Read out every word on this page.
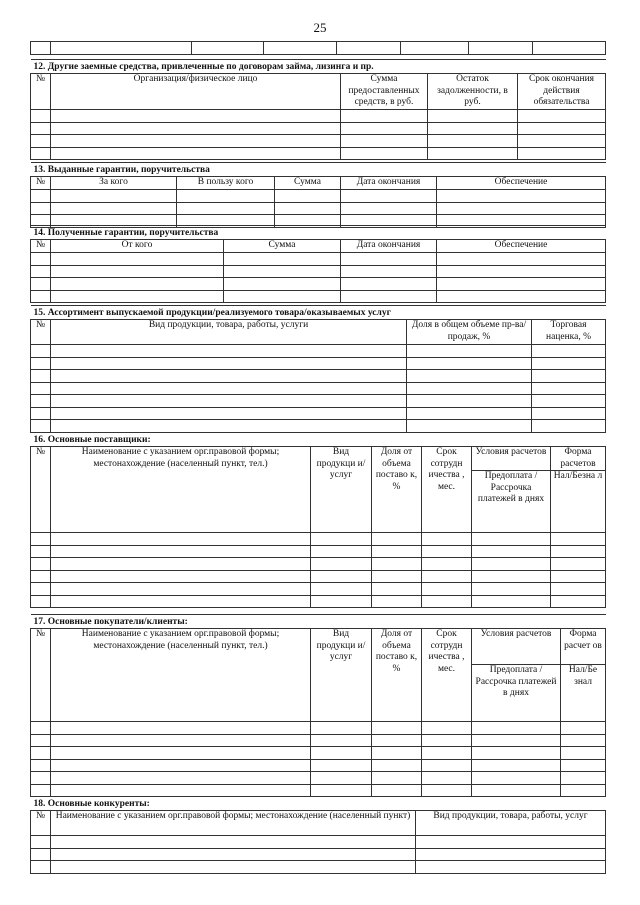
25

12. Другие заемные средства, привлеченные по договорам займа, лизинга и пр.				
№	Организация/физическое лицо	Сумма предоставленных средств, в руб.	Остаток задолженности, в руб.	Срок окончания действия обязательства

13. Выданные гарантии, поручительства					
№	За кого	В пользу кого	Сумма	Дата окончания	Обеспечение

14. Полученные гарантии, поручительства				
№	От кого	Сумма	Дата окончания	Обеспечение

15. Ассортимент выпускаемой продукции/реализуемого товара/оказываемых услуг			
№	Вид продукции, товара, работы, услуги	Доля в общем объеме пр-ва/продаж, %	Торговая наценка, %

16. Основные поставщики:						
№	Наименование с указанием орг.правовой формы; местонахождение (населенный пункт, тел.)	Вид продукци и/услуг	Доля от объема поставо к, %	Срок сотрудн ичества , мес.	Условия расчетов	Форма расчетов
					Предоплата / Рассрочка платежей в днях	Нал/Безна л

17. Основные покупатели/клиенты:						
№	Наименование с указанием орг.правовой формы; местонахождение (населенный пункт, тел.)	Вид продукци и/услуг	Доля от объема поставо к, %	Срок сотрудн ичества , мес.	Условия расчетов	Форма расчет ов
					Предоплата / Рассрочка платежей в днях	Нал/Бе знал

18. Основные конкуренты:		
№	Наименование с указанием орг.правовой формы; местонахождение (населенный пункт)	Вид продукции, товара, работы, услуг
